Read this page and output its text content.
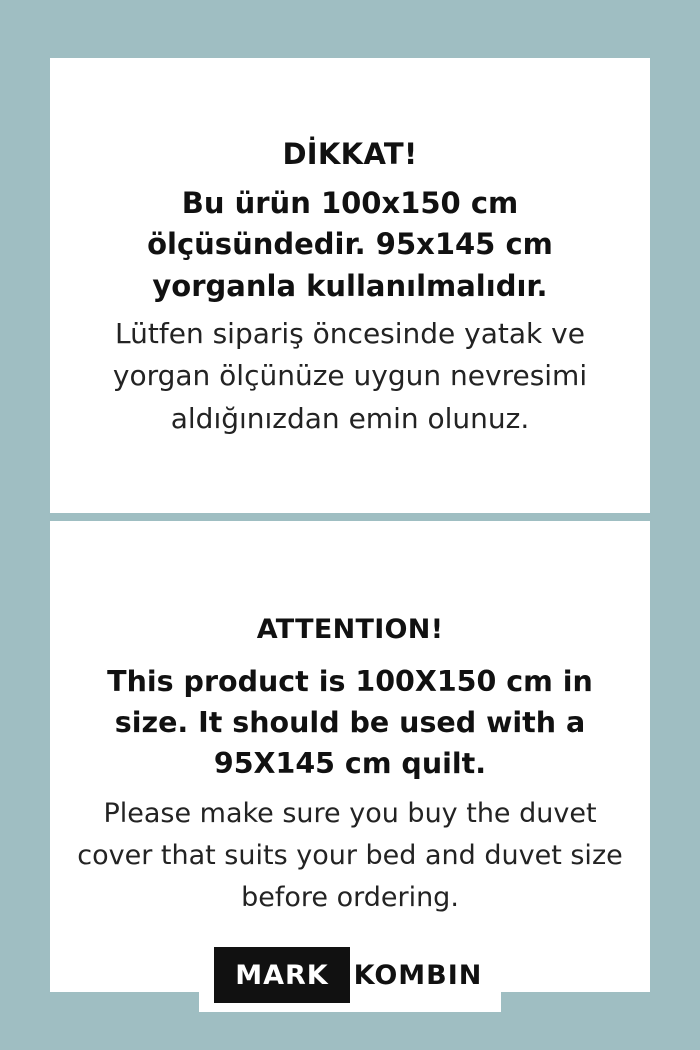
DİKKAT!

Bu ürün 100x150 cm ölçüsündedir. 95x145 cm yorganla kullanılmalıdır.

Lütfen sipariş öncesinde yatak ve yorgan ölçünüze uygun nevresimi aldığınızdan emin olunuz.

ATTENTION!

This product is 100X150 cm in size. It should be used with a 95X145 cm quilt.

Please make sure you buy the duvet cover that suits your bed and duvet size before ordering.

MARK KOMBIN
